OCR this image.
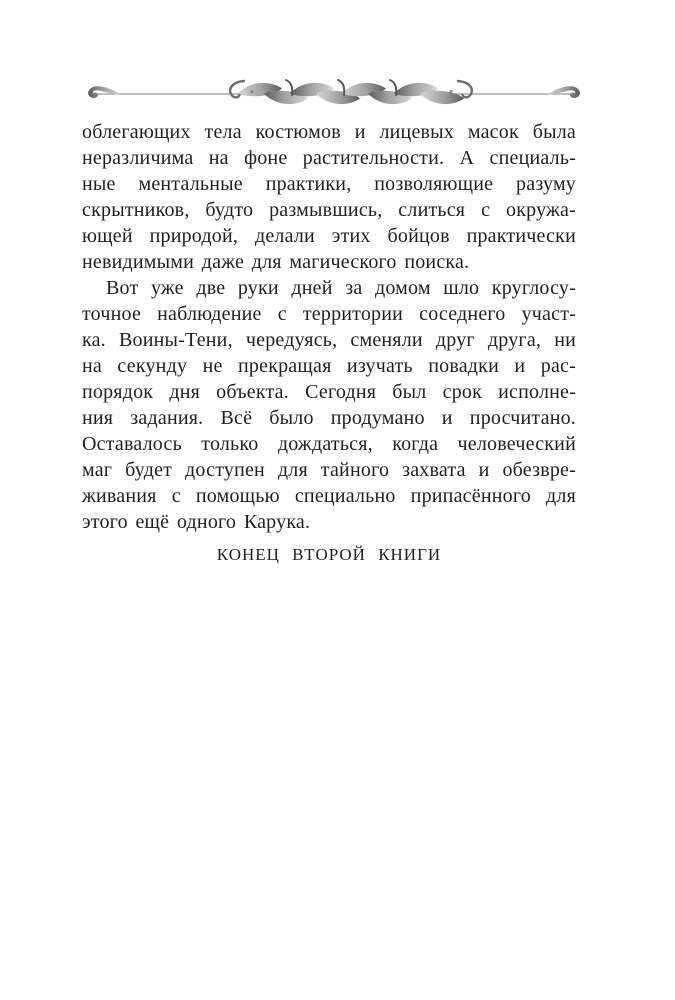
облегающих тела костюмов и лицевых масок была
неразличима на фоне растительности. А специаль-
ные ментальные практики, позволяющие разуму
скрытников, будто размывшись, слиться с окружа-
ющей природой, делали этих бойцов практически
невидимыми даже для магического поиска.

Вот уже две руки дней за домом шло круглосу-
точное наблюдение с территории соседнего участ-
ка. Воины-Тени, чередуясь, сменяли друг друга, ни
на секунду не прекращая изучать повадки и рас-
порядок дня объекта. Сегодня был срок исполне-
ния задания. Всё было продумано и просчитано.
Оставалось только дождаться, когда человеческий
маг будет доступен для тайного захвата и обезвре-
живания с помощью специально припасённого для
этого ещё одного Карука.

КОНЕЦ ВТОРОЙ КНИГИ
